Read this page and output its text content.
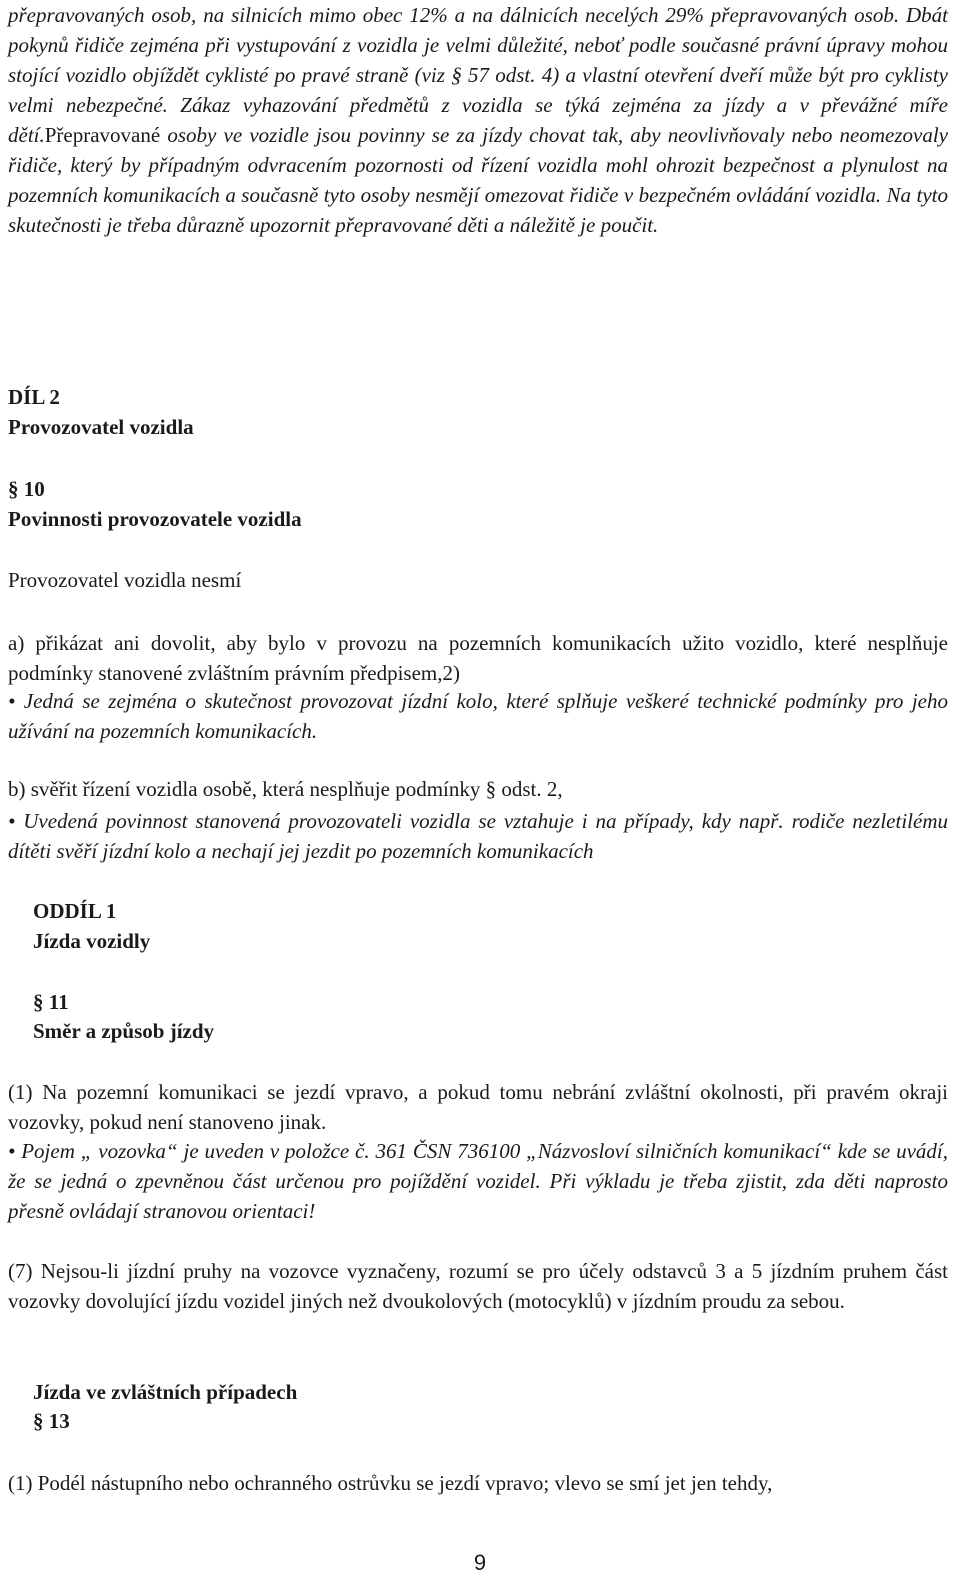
přepravovaných osob, na silnicích mimo obec 12% a na dálnicích necelých 29% přepravovaných osob. Dbát pokynů řidiče zejména při vystupování z vozidla je velmi důležité, neboť podle současné právní úpravy mohou stojící vozidlo objíždět cyklisté po pravé straně (viz § 57 odst. 4) a vlastní otevření dveří může být pro cyklisty velmi nebezpečné. Zákaz vyhazování předmětů z vozidla se týká zejména za jízdy a v převážné míře dětí.Přepravované osoby ve vozidle jsou povinny se za jízdy chovat tak, aby neovlivňovaly nebo neomezovaly řidiče, který by případným odvracením pozornosti od řízení vozidla mohl ohrozit bezpečnost a plynulost na pozemních komunikacích a současně tyto osoby nesmějí omezovat řidiče v bezpečném ovládání vozidla. Na tyto skutečnosti je třeba důrazně upozornit přepravované děti a náležitě je poučit.

DÍL 2
Provozovatel vozidla
§ 10
Povinnosti provozovatele vozidla
Provozovatel vozidla nesmí

a) přikázat ani dovolit, aby bylo v provozu na pozemních komunikacích užito vozidlo, které nesplňuje podmínky stanovené zvláštním právním předpisem,2)

• Jedná se zejména o skutečnost provozovat jízdní kolo, které splňuje veškeré technické podmínky pro jeho užívání na pozemních komunikacích.

b) svěřit řízení vozidla osobě, která nesplňuje podmínky § odst. 2,

• Uvedená povinnost stanovená provozovateli vozidla se vztahuje i na případy, kdy např. rodiče nezletilému dítěti svěří jízdní kolo a nechají jej jezdit po pozemních komunikacích

ODDÍL 1
Jízda vozidly
§ 11
Směr a způsob jízdy

(1) Na pozemní komunikaci se jezdí vpravo, a pokud tomu nebrání zvláštní okolnosti, při pravém okraji vozovky, pokud není stanoveno jinak.

• Pojem „ vozovka“ je uveden v položce č. 361 ČSN 736100 „Názvosloví silničních komunikací“ kde se uvádí, že se jedná o zpevněnou část určenou pro pojíždění vozidel. Při výkladu je třeba zjistit, zda děti naprosto přesně ovládají stranovou orientaci!

(7) Nejsou-li jízdní pruhy na vozovce vyznačeny, rozumí se pro účely odstavců 3 a 5 jízdním pruhem část vozovky dovolující jízdu vozidel jiných než dvoukolových (motocyklů) v jízdním proudu za sebou.

Jízda ve zvláštních případech
§ 13

(1) Podél nástupního nebo ochranného ostrůvku se jezdí vpravo; vlevo se smí jet jen tehdy,

9
